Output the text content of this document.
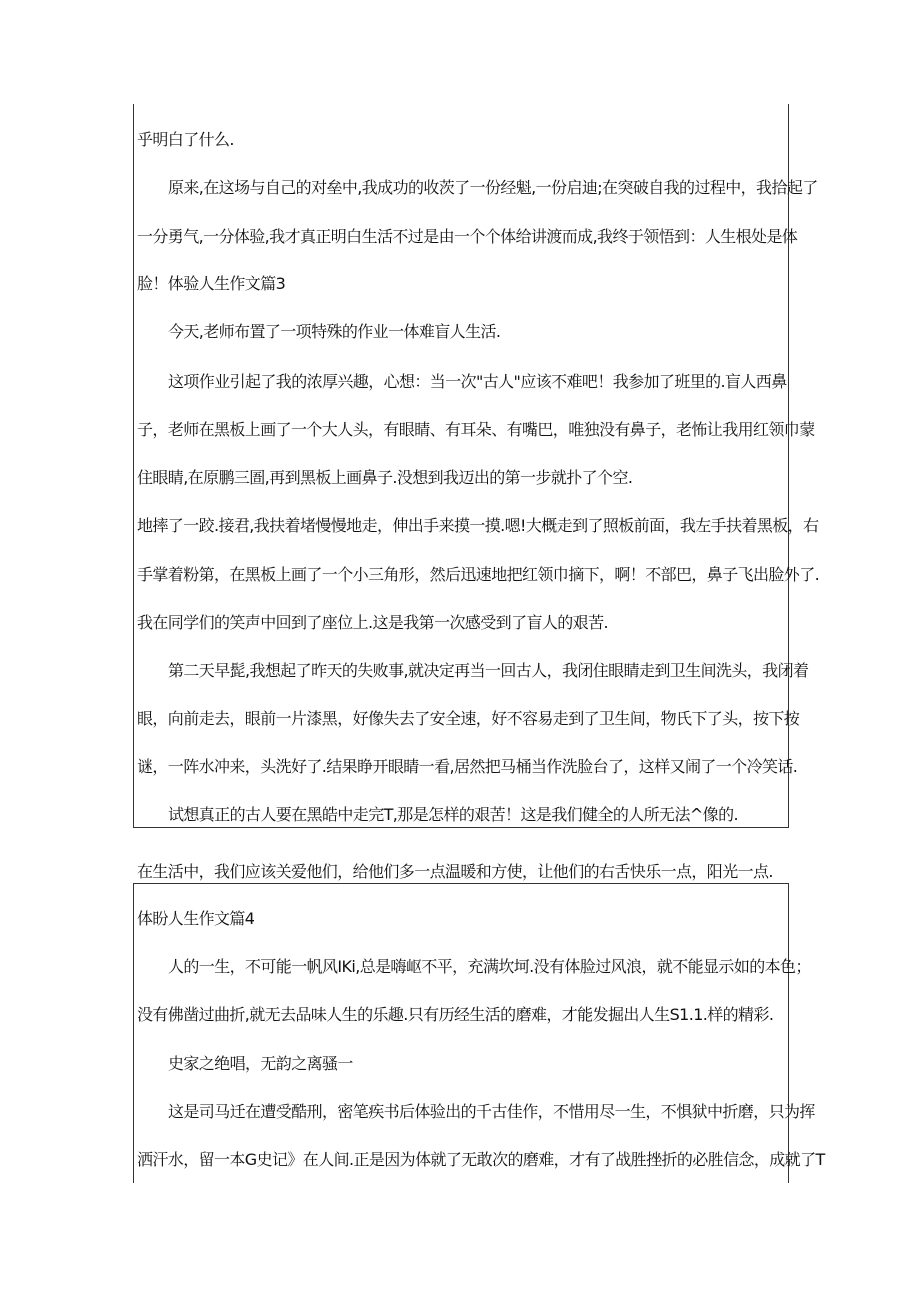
乎明白了什么.
原来,在这场与自己的对垒中,我成功的收茨了一份经魁,一份启迪;在突破自我的过程中，我拾起了
一分勇气,一分体验,我才真正明白生活不过是由一个个体给讲渡而成,我终于领悟到：人生根处是体
脸！体验人生作文篇3
今天,老师布置了一项特殊的作业一体难盲人生活.
这项作业引起了我的浓厚兴趣，心想：当一次"古人"应该不难吧！我参加了班里的.盲人西鼻
子，老师在黑板上画了一个大人头，有眼睛、有耳朵、有嘴巴，唯独没有鼻子，老怖让我用红领巾蒙
住眼睛,在原鹏三圄,再到黑板上画鼻子.没想到我迈出的第一步就扑了个空.
地摔了一跤.接君,我扶着堵慢慢地走，伸出手来摸一摸.嗯!大概走到了照板前面，我左手扶着黑板，右
手掌着粉第，在黑板上画了一个小三角形，然后迅速地把红领巾摘下，啊！不部巴，鼻子飞出脸外了.
我在同学们的笑声中回到了座位上.这是我第一次感受到了盲人的艰苦.
第二天早髭,我想起了昨天的失败事,就决定再当一回古人，我闭住眼睛走到卫生间洗头，我闭着
眼，向前走去，眼前一片漆黑，好像失去了安全速，好不容易走到了卫生间，物氏下了头，按下按
谜，一阵水冲来，头洗好了.结果睁开眼睛一看,居然把马桶当作洗脸台了，这样又闹了一个冷笑话.
试想真正的古人要在黑皓中走完T,那是怎样的艰苦！这是我们健全的人所无法^像的.
在生活中，我们应该关爱他们，给他们多一点温暖和方使，让他们的右舌快乐一点，阳光一点.
体盼人生作文篇4
人的一生，不可能一帆风IKi,总是嗨岖不平，充满坎坷.没有体脸过风浪，就不能显示如的本色；
没有佛凿过曲折,就无去品味人生的乐趣.只有历经生活的磨难，才能发掘出人生S1.1.样的精彩.
史家之绝唱，无韵之离骚一
这是司马迁在遭受酷刑，密笔疾书后体验出的千古佳作，不惜用尽一生，不惧狱中折磨，只为挥
洒汗水，留一本G史记》在人间.正是因为体就了无敢次的磨难，才有了战胜挫折的必胜信念，成就了T
